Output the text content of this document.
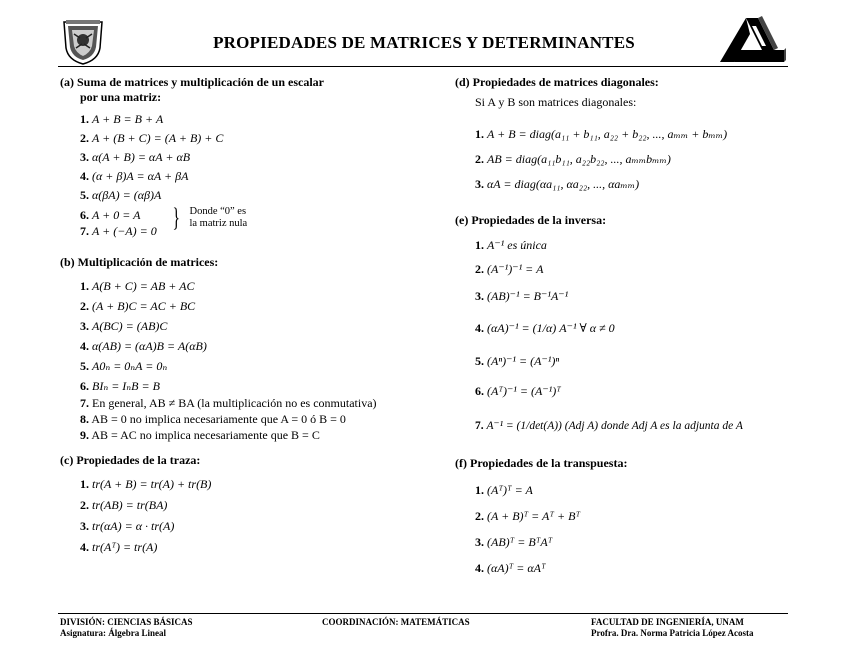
PROPIEDADES DE MATRICES Y DETERMINANTES
(a) Suma de matrices y multiplicación de un escalar
por una matriz:
1. A + B = B + A
2. A + (B + C) = (A + B) + C
3. α(A + B) = αA + αB
4. (α + β)A = αA + βA
5. α(βA) = (αβ)A
6. A + 0 = A
7. A + (−A) = 0 } Donde “0” es
la matriz nula
(b) Multiplicación de matrices:
1. A(B + C) = AB + AC
2. (A + B)C = AC + BC
3. A(BC) = (AB)C
4. α(AB) = (αA)B = A(αB)
5. A0ₙ = 0ₙA = 0ₙ
6. BIₙ = IₙB = B
7. En general, AB ≠ BA (la multiplicación no es conmutativa)
8. AB = 0 no implica necesariamente que A = 0 ó B = 0
9. AB = AC no implica necesariamente que B = C
(c) Propiedades de la traza:
1. tr(A + B) = tr(A) + tr(B)
2. tr(AB) = tr(BA)
3. tr(αA) = α · tr(A)
4. tr(Aᵀ) = tr(A)
(d) Propiedades de matrices diagonales:
Si A y B son matrices diagonales:
1. A + B = diag(a₁₁ + b₁₁, a₂₂ + b₂₂, ..., aₘₘ + bₘₘ)
2. AB = diag(a₁₁b₁₁, a₂₂b₂₂, ..., aₘₘbₘₘ)
3. αA = diag(αa₁₁, αa₂₂, ..., αaₘₘ)
(e) Propiedades de la inversa:
1. A⁻¹ es única
2. (A⁻¹)⁻¹ = A
3. (AB)⁻¹ = B⁻¹A⁻¹
4. (αA)⁻¹ = (1/α) A⁻¹ ∀ α ≠ 0
5. (Aⁿ)⁻¹ = (A⁻¹)ⁿ
6. (Aᵀ)⁻¹ = (A⁻¹)ᵀ
7. A⁻¹ = (1/det(A)) (Adj A) donde Adj A es la adjunta de A
(f) Propiedades de la transpuesta:
1. (Aᵀ)ᵀ = A
2. (A + B)ᵀ = Aᵀ + Bᵀ
3. (AB)ᵀ = BᵀAᵀ
4. (αA)ᵀ = αAᵀ
DIVISIÓN: CIENCIAS BÁSICAS
Asignatura: Álgebra Lineal
COORDINACIÓN: MATEMÁTICAS	FACULTAD DE INGENIERÍA, UNAM
Profra. Dra. Norma Patricia López Acosta
